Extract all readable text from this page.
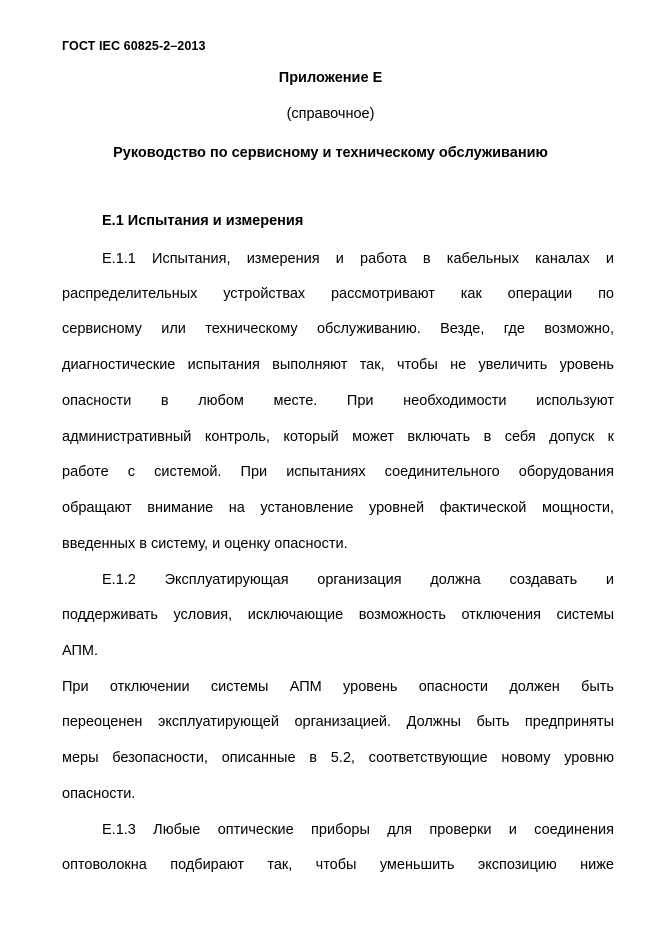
ГОСТ IEC 60825-2–2013
Приложение Е
(справочное)
Руководство по сервисному и техническому обслуживанию
Е.1 Испытания и измерения
Е.1.1 Испытания, измерения и работа в кабельных каналах и
распределительных устройствах рассмотривают как операции по
сервисному или техническому обслуживанию. Везде, где возможно,
диагностические испытания выполняют так, чтобы не увеличить уровень
опасности в любом месте. При необходимости используют
административный контроль, который может включать в себя допуск к
работе с системой. При испытаниях соединительного оборудования
обращают внимание на установление уровней фактической мощности,
введенных в систему, и оценку опасности.
Е.1.2 Эксплуатирующая организация должна создавать и
поддерживать условия, исключающие возможность отключения системы
АПМ.
При отключении системы АПМ уровень опасности должен быть
переоценен эксплуатирующей организацией. Должны быть предприняты
меры безопасности, описанные в 5.2, соответствующие новому уровню
опасности.
Е.1.3 Любые оптические приборы для проверки и соединения
оптоволокна подбирают так, чтобы уменьшить экспозицию ниже
